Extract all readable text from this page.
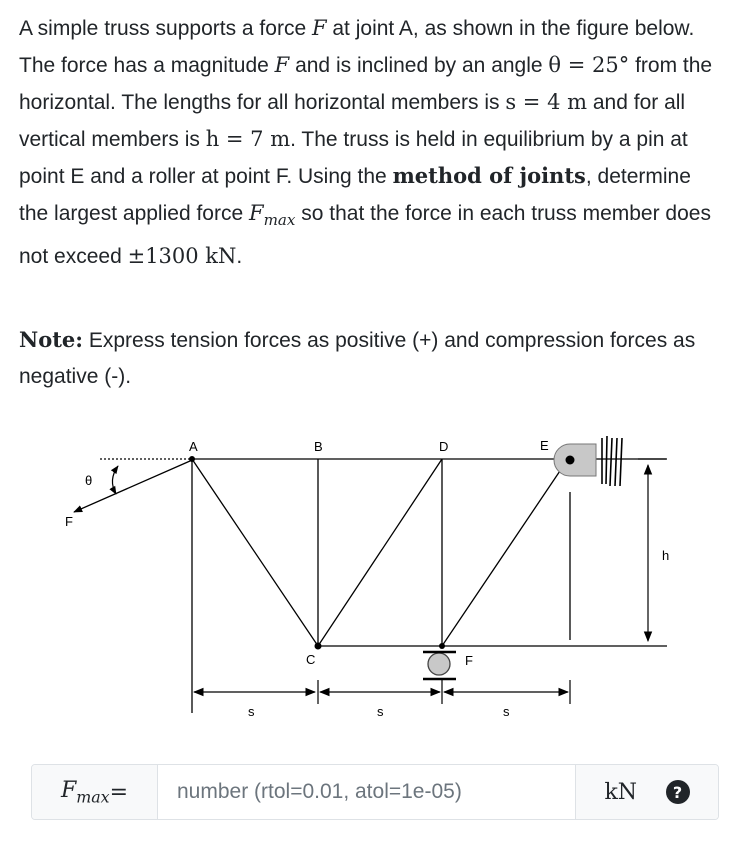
A simple truss supports a force F at joint A, as shown in the figure below. The force has a magnitude F and is inclined by an angle θ = 25° from the horizontal. The lengths for all horizontal members is s = 4 m and for all vertical members is h = 7 m. The truss is held in equilibrium by a pin at point E and a roller at point F. Using the method of joints, determine the largest applied force $F_{max}$ so that the force in each truss member does not exceed ±1300 kN.

Note: Express tension forces as positive (+) and compression forces as negative (-).
A	B
C
D	E
F
F
θ
h
s	s	s
$F_{max}$ =
number (rtol=0.01, atol=1e-05)	kN	?
